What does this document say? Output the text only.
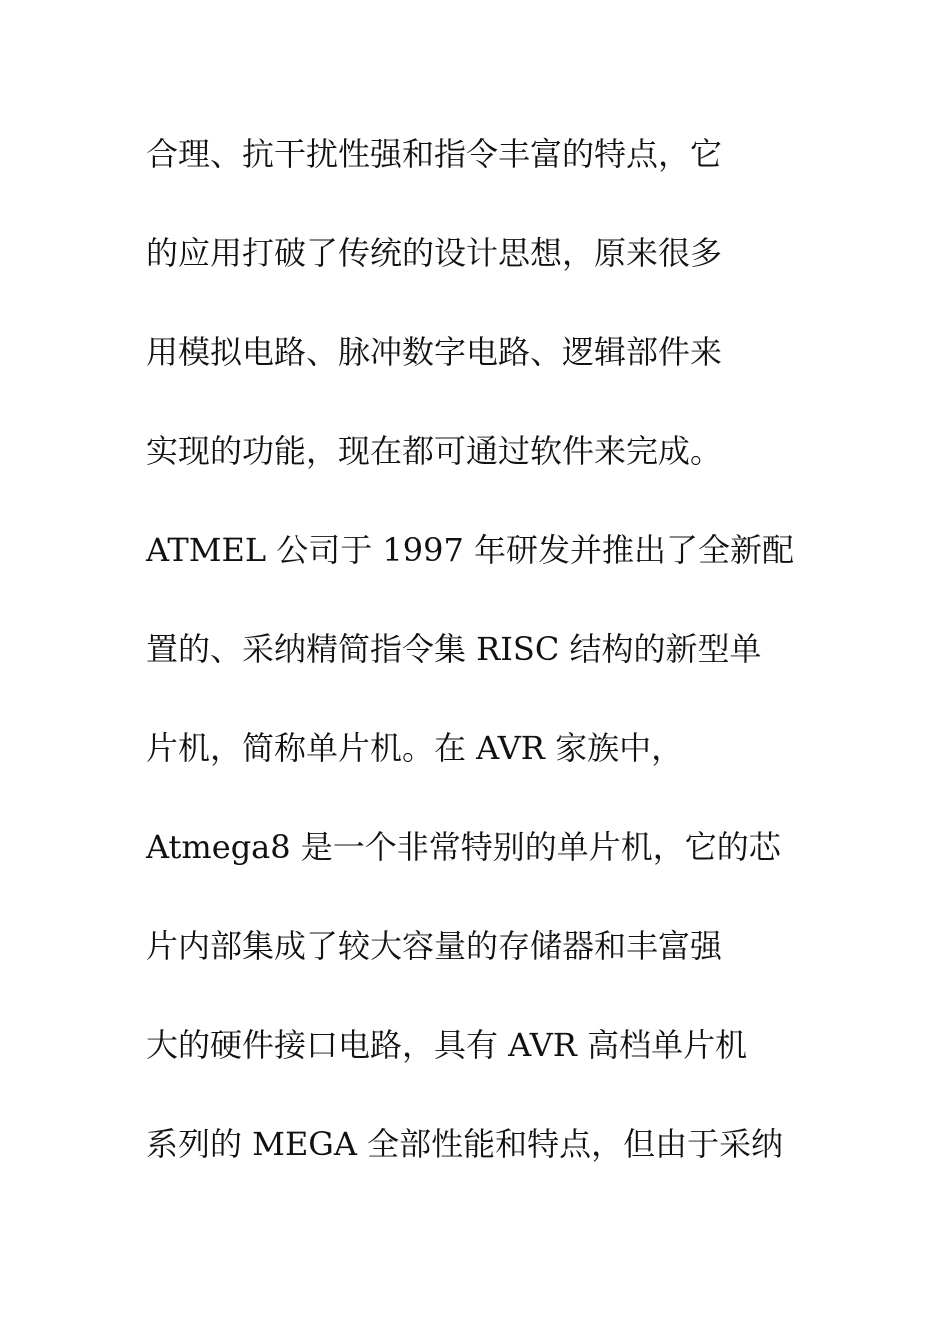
合理、抗干扰性强和指令丰富的特点，它
的应用打破了传统的设计思想，原来很多
用模拟电路、脉冲数字电路、逻辑部件来
实现的功能，现在都可通过软件来完成。
ATMEL 公司于 1997 年研发并推出了全新配
置的、采纳精简指令集 RISC 结构的新型单
片机，简称单片机。在 AVR 家族中，
Atmega8 是一个非常特别的单片机，它的芯
片内部集成了较大容量的存储器和丰富强
大的硬件接口电路，具有 AVR 高档单片机
系列的 MEGA 全部性能和特点，但由于采纳
